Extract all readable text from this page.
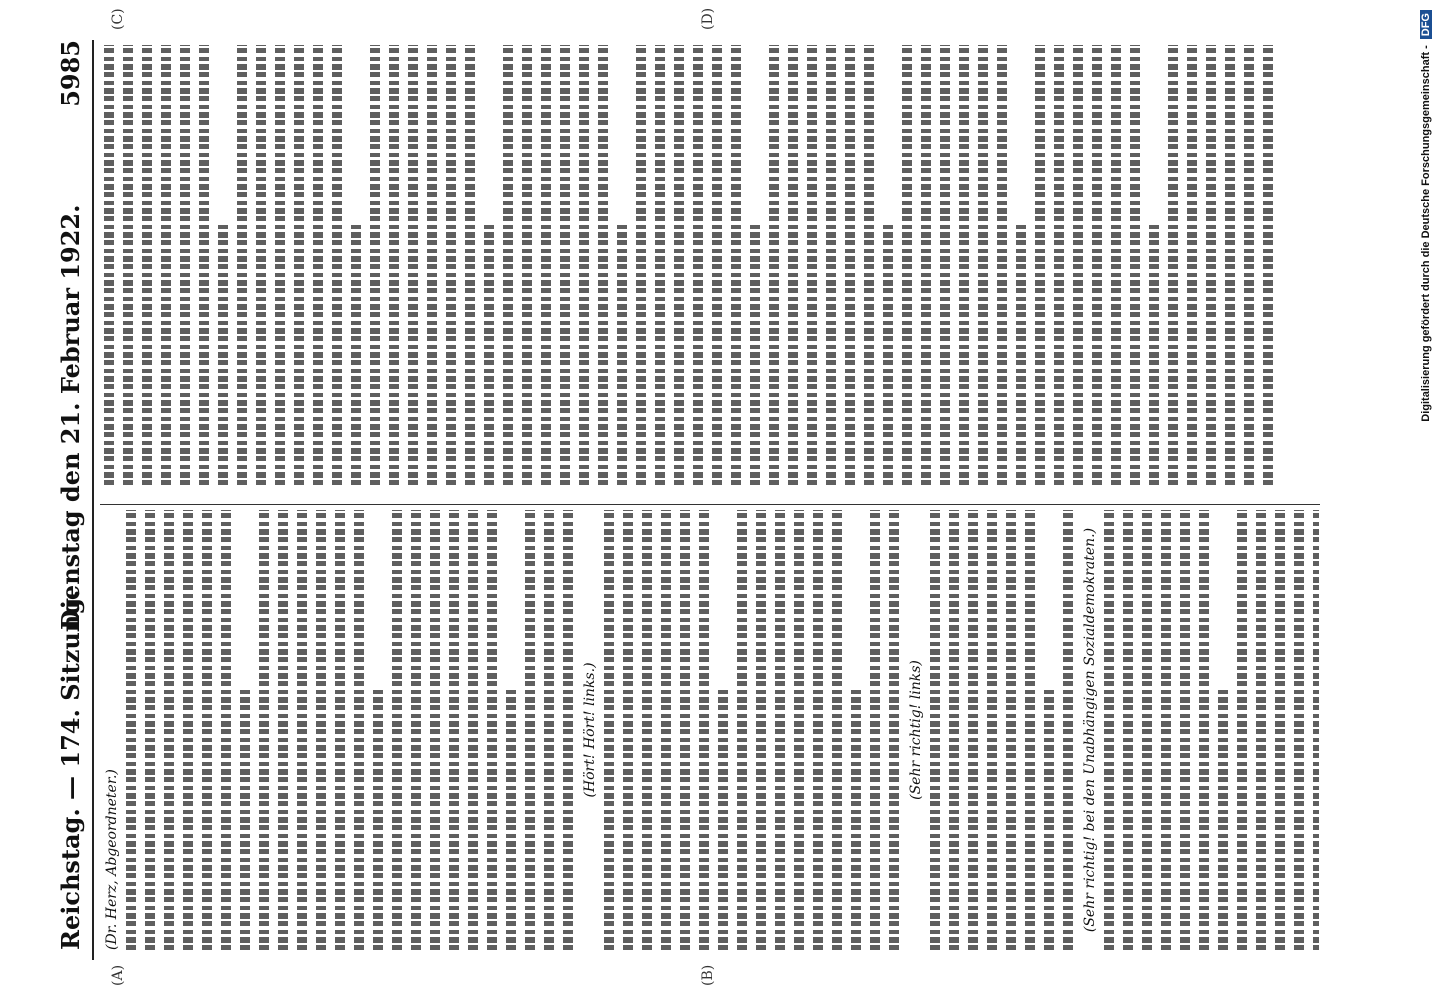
Reichstag. — 174. Sitzung.
Dienstag den 21. Februar 1922.
5985
(A)	(B)
(C)	(D)
(Dr. Herz, Abgeordneter.)
(Hört! Hört! links.)	(Sehr richtig! links)	(Sehr richtig! bei den Unabhängigen Sozialdemokraten.)
Digitalisierung gefördert durch die Deutsche Forschungsgemeinschaft -
DFG
